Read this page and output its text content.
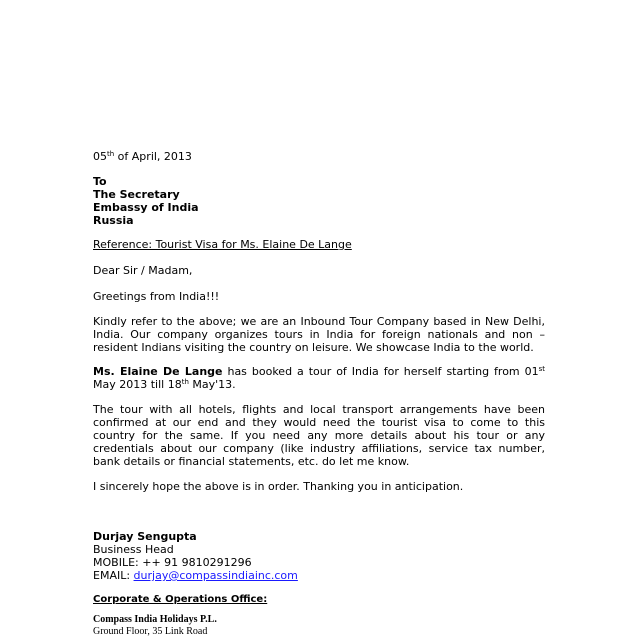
05th of April, 2013
To
The Secretary
Embassy of India
Russia
Reference: Tourist Visa for Ms. Elaine De Lange
Dear Sir / Madam,
Greetings from India!!!
Kindly refer to the above; we are an Inbound Tour Company based in New Delhi, India. Our company organizes tours in India for foreign nationals and non – resident Indians visiting the country on leisure. We showcase India to the world.
Ms. Elaine De Lange has booked a tour of India for herself starting from 01st May 2013 till 18th May'13.
The tour with all hotels, flights and local transport arrangements have been confirmed at our end and they would need the tourist visa to come to this country for the same. If you need any more details about his tour or any credentials about our company (like industry affiliations, service tax number, bank details or financial statements, etc. do let me know.
I sincerely hope the above is in order. Thanking you in anticipation.
Durjay Sengupta
Business Head
MOBILE: ++ 91 9810291296
EMAIL: durjay@compassindiainc.com
Corporate & Operations Office:
Compass India Holidays P.L.
Ground Floor, 35 Link Road
